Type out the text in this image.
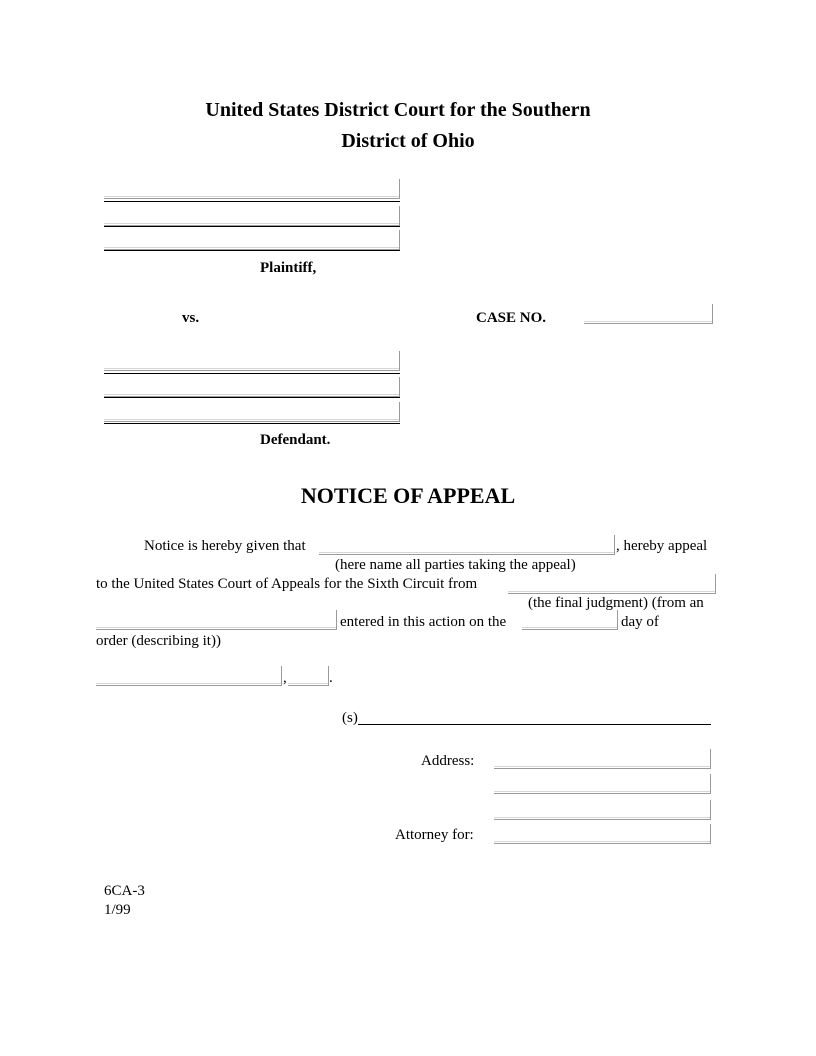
United States District Court for the Southern
District of Ohio
Plaintiff,
vs.	CASE NO.
Defendant.
NOTICE OF APPEAL
Notice is hereby given that	, hereby appeal
(here name all parties taking the appeal)
to the United States Court of Appeals for the Sixth Circuit from
(the final judgment) (from an
entered in this action on the	day of
order (describing it))
,	.
(s)
Address:
Attorney for:
6CA-3
1/99
